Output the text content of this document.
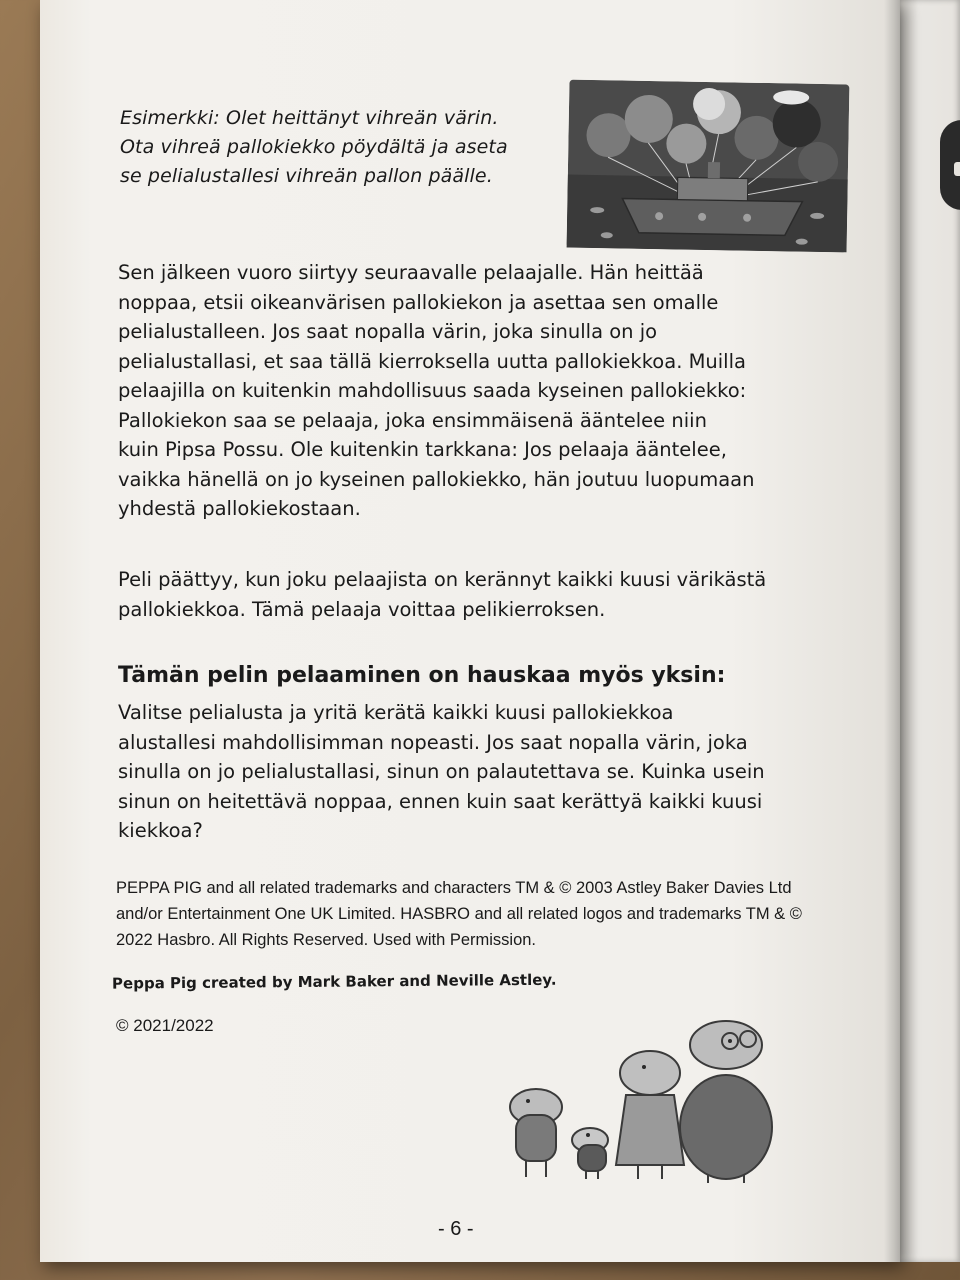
Esimerkki: Olet heittänyt vihreän värin.
Ota vihreä pallokiekko pöydältä ja aseta
se pelialustallesi vihreän pallon päälle.
Sen jälkeen vuoro siirtyy seuraavalle pelaajalle. Hän heittää
noppaa, etsii oikeanvärisen pallokiekon ja asettaa sen omalle
pelialustalleen. Jos saat nopalla värin, joka sinulla on jo
pelialustallasi, et saa tällä kierroksella uutta pallokiekkoa. Muilla
pelaajilla on kuitenkin mahdollisuus saada kyseinen pallokiekko:
Pallokiekon saa se pelaaja, joka ensimmäisenä ääntelee niin
kuin Pipsa Possu. Ole kuitenkin tarkkana: Jos pelaaja ääntelee,
vaikka hänellä on jo kyseinen pallokiekko, hän joutuu luopumaan
yhdestä pallokiekostaan.
Peli päättyy, kun joku pelaajista on kerännyt kaikki kuusi värikästä
pallokiekkoa. Tämä pelaaja voittaa pelikierroksen.
Tämän pelin pelaaminen on hauskaa myös yksin:
Valitse pelialusta ja yritä kerätä kaikki kuusi pallokiekkoa
alustallesi mahdollisimman nopeasti. Jos saat nopalla värin, joka
sinulla on jo pelialustallasi, sinun on palautettava se. Kuinka usein
sinun on heitettävä noppaa, ennen kuin saat kerättyä kaikki kuusi
kiekkoa?
PEPPA PIG and all related trademarks and characters TM & © 2003 Astley Baker Davies Ltd
and/or Entertainment One UK Limited. HASBRO and all related logos and trademarks TM & ©
2022 Hasbro. All Rights Reserved. Used with Permission.
Peppa Pig created by Mark Baker and Neville Astley.
© 2021/2022
- 6 -
